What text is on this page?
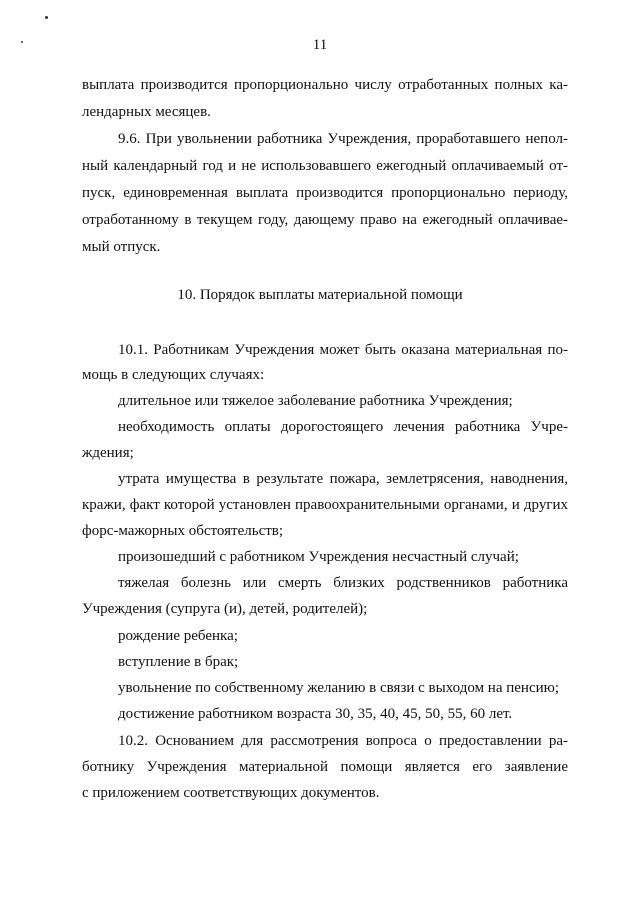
11
выплата производится пропорционально числу отработанных полных ка-
лендарных месяцев.
9.6. При увольнении работника Учреждения, проработавшего непол-
ный календарный год и не использовавшего ежегодный оплачиваемый от-
пуск, единовременная выплата производится пропорционально периоду,
отработанному в текущем году, дающему право на ежегодный оплачивае-
мый отпуск.
10. Порядок выплаты материальной помощи
10.1. Работникам Учреждения может быть оказана материальная по-
мощь в следующих случаях:
длительное или тяжелое заболевание работника Учреждения;
необходимость оплаты дорогостоящего лечения работника Учре-
ждения;
утрата имущества в результате пожара, землетрясения, наводнения,
кражи, факт которой установлен правоохранительными органами, и других
форс-мажорных обстоятельств;
произошедший с работником Учреждения несчастный случай;
тяжелая болезнь или смерть близких родственников работника
Учреждения (супруга (и), детей, родителей);
рождение ребенка;
вступление в брак;
увольнение по собственному желанию в связи с выходом на пенсию;
достижение работником возраста 30, 35, 40, 45, 50, 55, 60 лет.
10.2. Основанием для рассмотрения вопроса о предоставлении ра-
ботнику Учреждения материальной помощи является его заявление
с приложением соответствующих документов.
